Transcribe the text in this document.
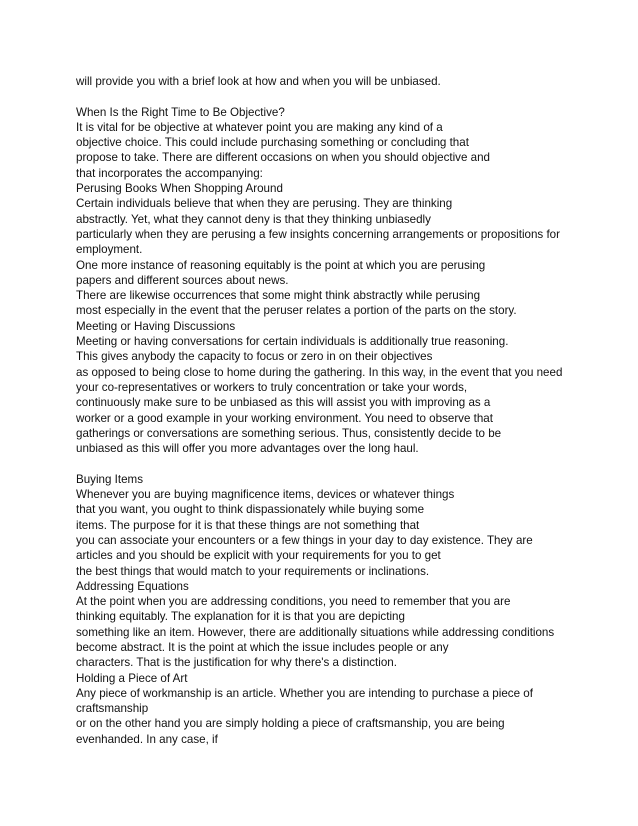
will provide you with a brief look at how and when you will be unbiased.
When Is the Right Time to Be Objective?
It is vital for be objective at whatever point you are making any kind of a
objective choice. This could include purchasing something or concluding that
propose to take. There are different occasions on when you should objective and
that incorporates the accompanying:
Perusing Books When Shopping Around
Certain individuals believe that when they are perusing. They are thinking
abstractly. Yet, what they cannot deny is that they thinking unbiasedly
particularly when they are perusing a few insights concerning arrangements or propositions for
employment.
One more instance of reasoning equitably is the point at which you are perusing
papers and different sources about news.
There are likewise occurrences that some might think abstractly while perusing
most especially in the event that the peruser relates a portion of the parts on the story.
Meeting or Having Discussions
Meeting or having conversations for certain individuals is additionally true reasoning.
This gives anybody the capacity to focus or zero in on their objectives
as opposed to being close to home during the gathering. In this way, in the event that you need
your co-representatives or workers to truly concentration or take your words,
continuously make sure to be unbiased as this will assist you with improving as a
worker or a good example in your working environment. You need to observe that
gatherings or conversations are something serious. Thus, consistently decide to be
unbiased as this will offer you more advantages over the long haul.
Buying Items
Whenever you are buying magnificence items, devices or whatever things
that you want, you ought to think dispassionately while buying some
items. The purpose for it is that these things are not something that
you can associate your encounters or a few things in your day to day existence. They are
articles and you should be explicit with your requirements for you to get
the best things that would match to your requirements or inclinations.
Addressing Equations
At the point when you are addressing conditions, you need to remember that you are
thinking equitably. The explanation for it is that you are depicting
something like an item. However, there are additionally situations while addressing conditions
become abstract. It is the point at which the issue includes people or any
characters. That is the justification for why there's a distinction.
Holding a Piece of Art
Any piece of workmanship is an article. Whether you are intending to purchase a piece of
craftsmanship
or on the other hand you are simply holding a piece of craftsmanship, you are being
evenhanded. In any case, if
